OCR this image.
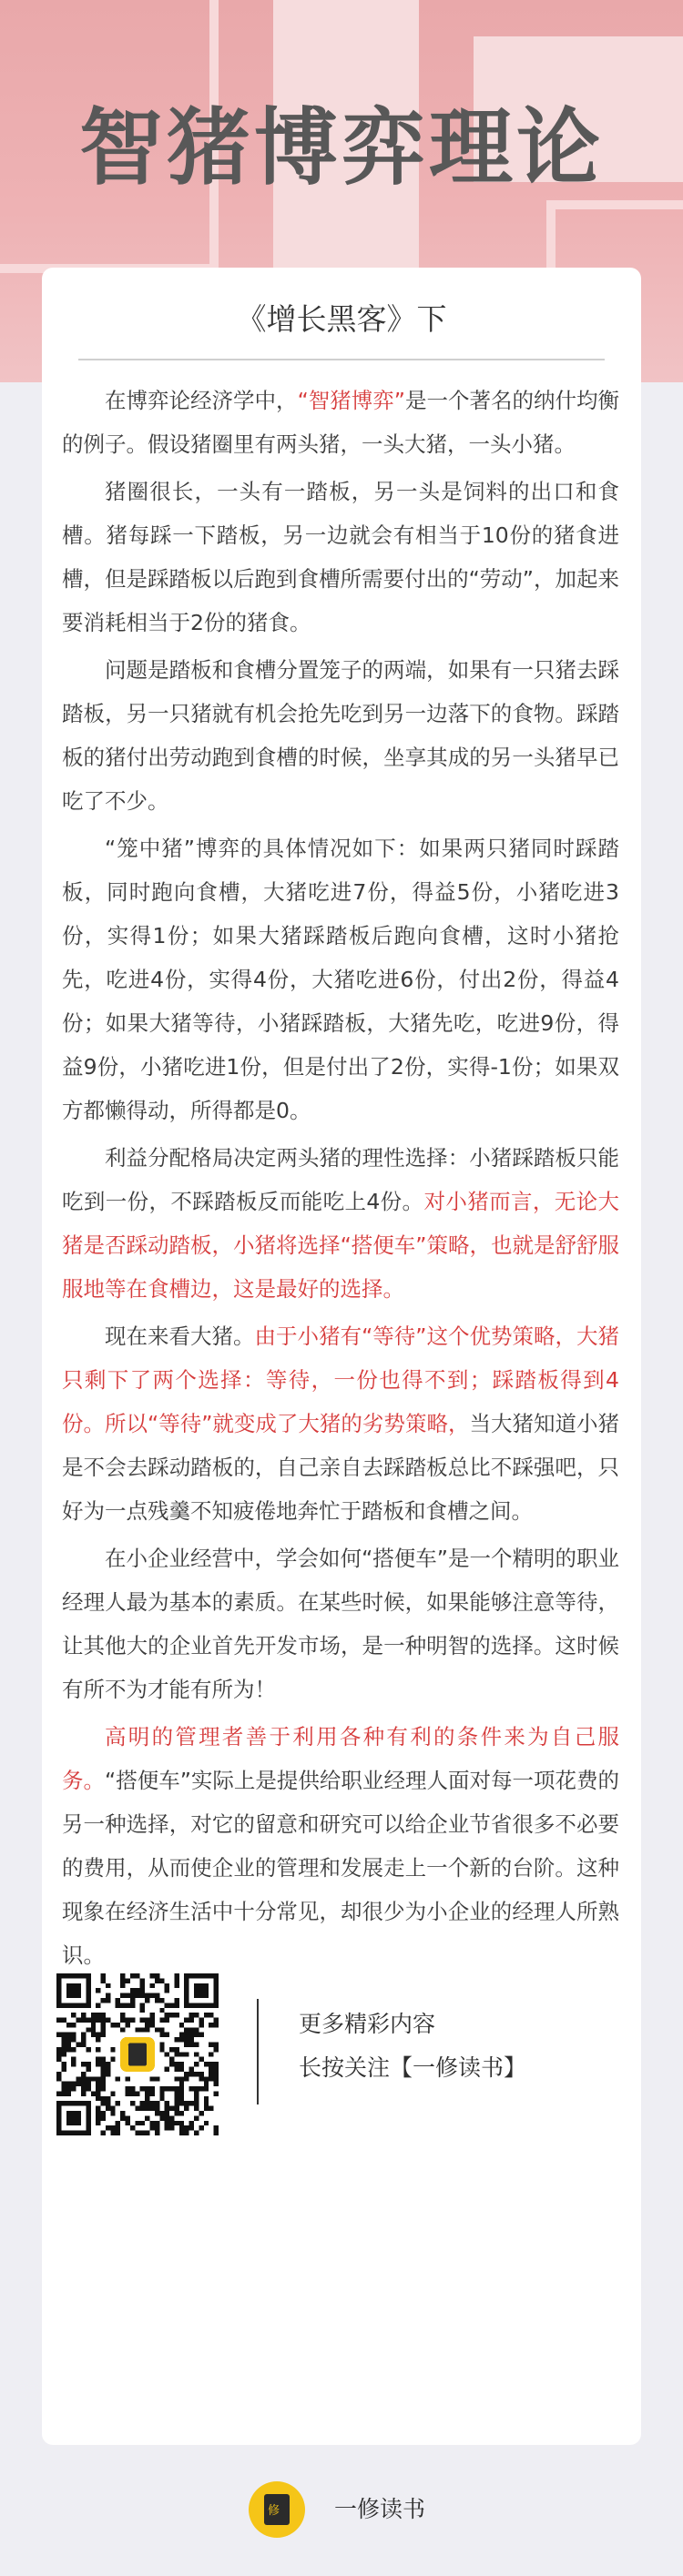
智猪博弈理论
《增长黑客》下

在博弈论经济学中，“智猪博弈”是一个著名的纳什均衡的例子。假设猪圈里有两头猪，一头大猪，一头小猪。

猪圈很长，一头有一踏板，另一头是饲料的出口和食槽。猪每踩一下踏板，另一边就会有相当于10份的猪食进槽，但是踩踏板以后跑到食槽所需要付出的“劳动”，加起来要消耗相当于2份的猪食。

问题是踏板和食槽分置笼子的两端，如果有一只猪去踩踏板，另一只猪就有机会抢先吃到另一边落下的食物。踩踏板的猪付出劳动跑到食槽的时候，坐享其成的另一头猪早已吃了不少。

“笼中猪”博弈的具体情况如下：如果两只猪同时踩踏板，同时跑向食槽，大猪吃进7份，得益5份，小猪吃进3份，实得1份；如果大猪踩踏板后跑向食槽，这时小猪抢先，吃进4份，实得4份，大猪吃进6份，付出2份，得益4份；如果大猪等待，小猪踩踏板，大猪先吃，吃进9份，得益9份，小猪吃进1份，但是付出了2份，实得-1份；如果双方都懒得动，所得都是0。

利益分配格局决定两头猪的理性选择：小猪踩踏板只能吃到一份，不踩踏板反而能吃上4份。对小猪而言，无论大猪是否踩动踏板，小猪将选择“搭便车”策略，也就是舒舒服服地等在食槽边，这是最好的选择。

现在来看大猪。由于小猪有“等待”这个优势策略，大猪只剩下了两个选择：等待，一份也得不到；踩踏板得到4份。所以“等待”就变成了大猪的劣势策略，当大猪知道小猪是不会去踩动踏板的，自己亲自去踩踏板总比不踩强吧，只好为一点残羹不知疲倦地奔忙于踏板和食槽之间。

在小企业经营中，学会如何“搭便车”是一个精明的职业经理人最为基本的素质。在某些时候，如果能够注意等待，让其他大的企业首先开发市场，是一种明智的选择。这时候有所不为才能有所为！

高明的管理者善于利用各种有利的条件来为自己服务。“搭便车”实际上是提供给职业经理人面对每一项花费的另一种选择，对它的留意和研究可以给企业节省很多不必要的费用，从而使企业的管理和发展走上一个新的台阶。这种现象在经济生活中十分常见，却很少为小企业的经理人所熟识。

更多精彩内容
长按关注【一修读书】
修 一修读书
